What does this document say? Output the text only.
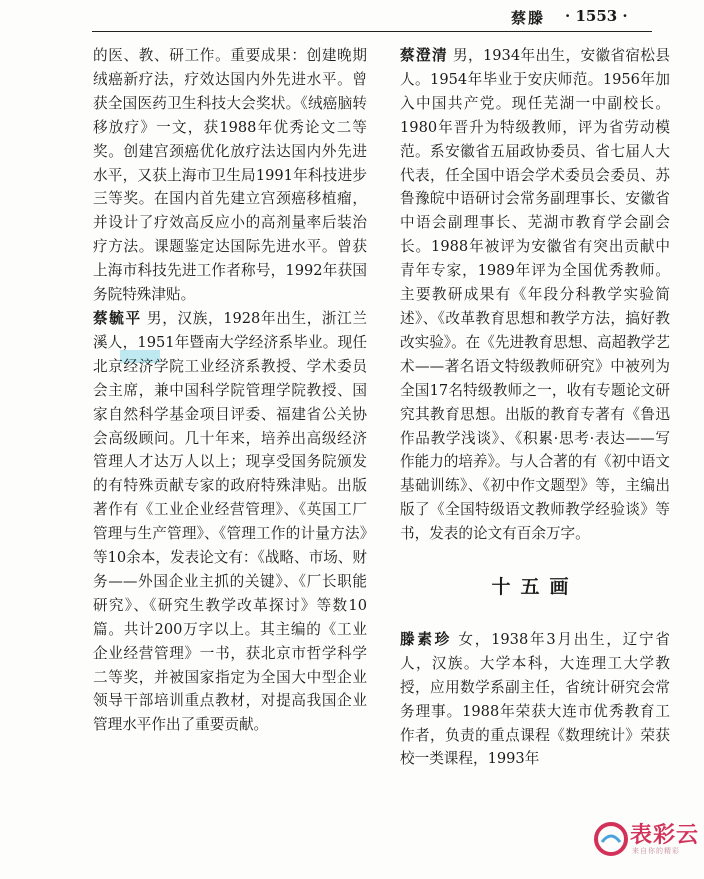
蔡滕 · 1553 ·

的医、教、研工作。重要成果：创建晚期绒癌新疗法，疗效达国内外先进水平。曾获全国医药卫生科技大会奖状。《绒癌脑转移放疗》一文，获1988年优秀论文二等奖。创建宫颈癌优化放疗法达国内外先进水平，又获上海市卫生局1991年科技进步三等奖。在国内首先建立宫颈癌移植瘤，并设计了疗效高反应小的高剂量率后装治疗方法。课题鉴定达国际先进水平。曾获上海市科技先进工作者称号，1992年获国务院特殊津贴。

蔡毓平 男，汉族，1928年出生，浙江兰溪人，1951年暨南大学经济系毕业。现任北京经济学院工业经济系教授、学术委员会主席，兼中国科学院管理学院教授、国家自然科学基金项目评委、福建省公关协会高级顾问。几十年来，培养出高级经济管理人才达万人以上；现享受国务院颁发的有特殊贡献专家的政府特殊津贴。出版著作有《工业企业经营管理》、《英国工厂管理与生产管理》、《管理工作的计量方法》等10余本，发表论文有：《战略、市场、财务——外国企业主抓的关键》、《厂长职能研究》、《研究生教学改革探讨》等数10篇。共计200万字以上。其主编的《工业企业经营管理》一书，获北京市哲学科学二等奖，并被国家指定为全国大中型企业领导干部培训重点教材，对提高我国企业管理水平作出了重要贡献。

蔡澄清 男，1934年出生，安徽省宿松县人。1954年毕业于安庆师范。1956年加入中国共产党。现任芜湖一中副校长。1980年晋升为特级教师，评为省劳动模范。系安徽省五届政协委员、省七届人大代表，任全国中语会学术委员会委员、苏鲁豫皖中语研讨会常务副理事长、安徽省中语会副理事长、芜湖市教育学会副会长。1988年被评为安徽省有突出贡献中青年专家，1989年评为全国优秀教师。主要教研成果有《年段分科教学实验简述》、《改革教育思想和教学方法，搞好教改实验》。在《先进教育思想、高超教学艺术——著名语文特级教师研究》中被列为全国17名特级教师之一，收有专题论文研究其教育思想。出版的教育专著有《鲁迅作品教学浅谈》、《积累·思考·表达——写作能力的培养》。与人合著的有《初中语文基础训练》、《初中作文题型》等，主编出版了《全国特级语文教师教学经验谈》等书，发表的论文有百余万字。

十五画

滕素珍 女，1938年3月出生，辽宁省人，汉族。大学本科，大连理工大学教授，应用数学系副主任，省统计研究会常务理事。1988年荣获大连市优秀教育工作者，负责的重点课程《数理统计》荣获校一类课程，1993年

表彩云
来自你的精彩
